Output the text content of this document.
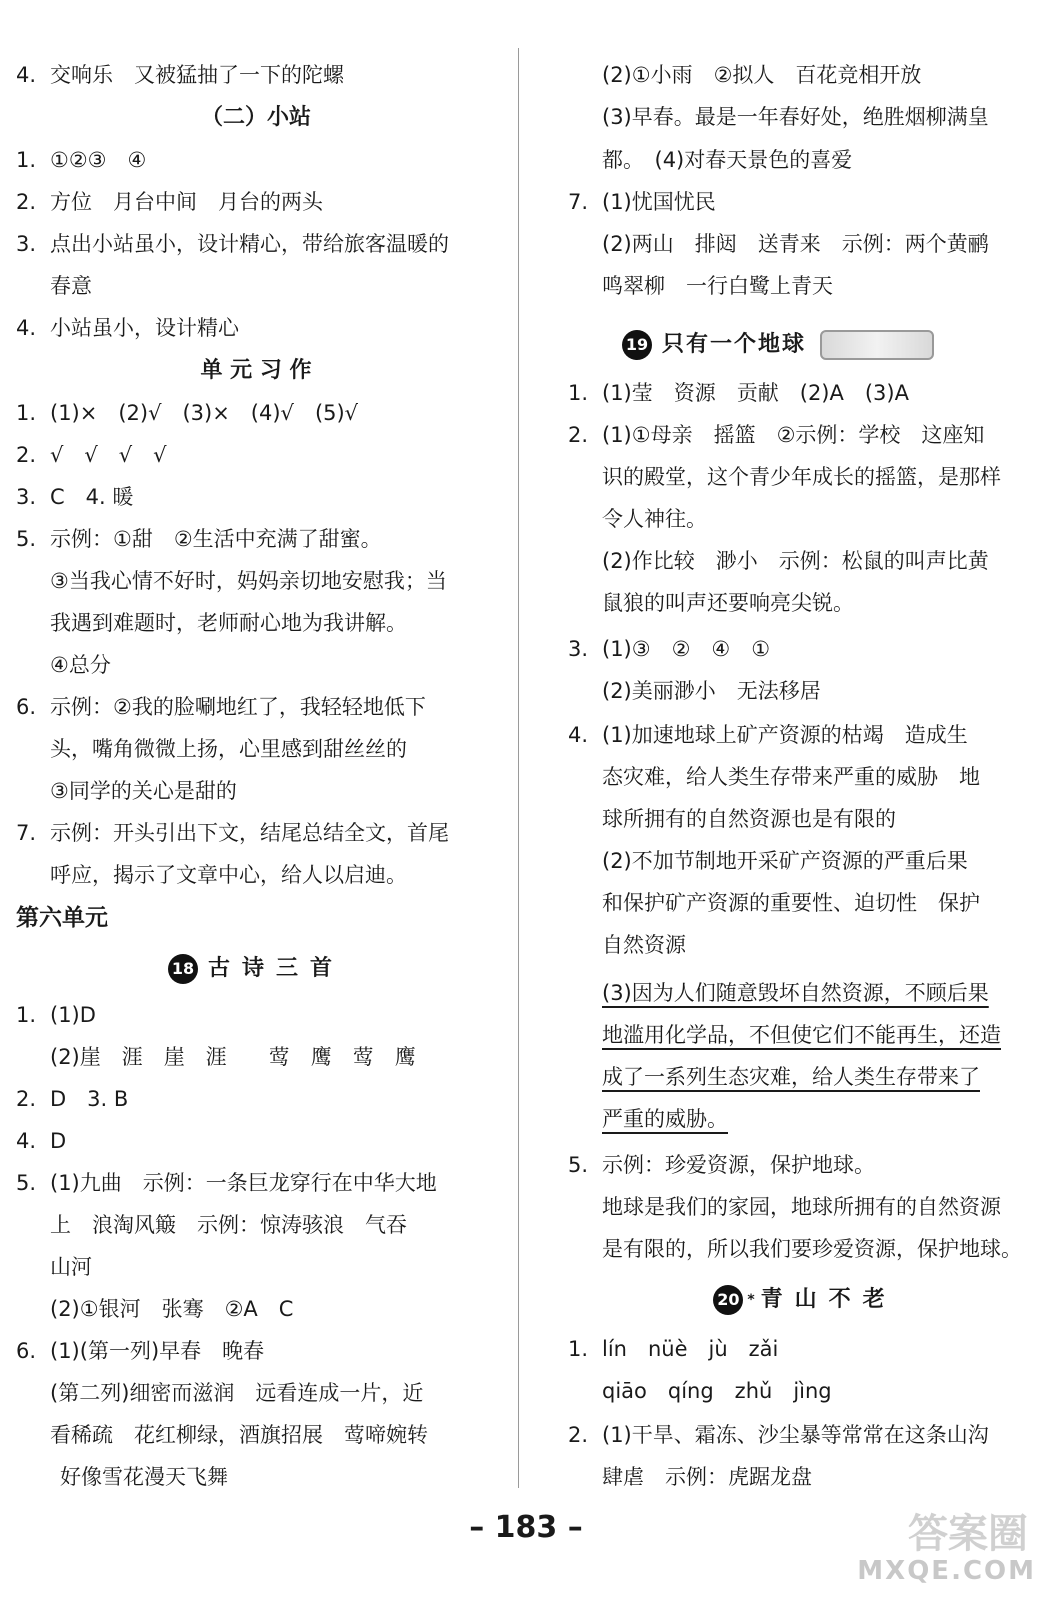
4. 交响乐　又被猛抽了一下的陀螺
（二）小站
1. ①②③　④
2. 方位　月台中间　月台的两头
3. 点出小站虽小，设计精心，带给旅客温暖的
春意
4. 小站虽小，设计精心
单 元 习 作
1. (1)×　(2)√　(3)×　(4)√　(5)√
2. √　√　√　√
3. C　4. 暖
5. 示例：①甜　②生活中充满了甜蜜。
③当我心情不好时，妈妈亲切地安慰我；当
我遇到难题时，老师耐心地为我讲解。
④总分
6. 示例：②我的脸唰地红了，我轻轻地低下
头，嘴角微微上扬，心里感到甜丝丝的
③同学的关心是甜的
7. 示例：开头引出下文，结尾总结全文，首尾
呼应，揭示了文章中心，给人以启迪。
第六单元
18 古诗三首
1. (1)D
(2)崖　涯　崖　涯　　莺　鹰　莺　鹰
2. D　3. B
4. D
5. (1)九曲　示例：一条巨龙穿行在中华大地
上　浪淘风簸　示例：惊涛骇浪　气吞
山河
(2)①银河　张骞　②A　C
6. (1)(第一列)早春　晚春
(第二列)细密而滋润　远看连成一片，近
看稀疏　花红柳绿，酒旗招展　莺啼婉转
好像雪花漫天飞舞
(2)①小雨　②拟人　百花竞相开放
(3)早春。最是一年春好处，绝胜烟柳满皇
都。　(4)对春天景色的喜爱
7. (1)忧国忧民
(2)两山　排闼　送青来　示例：两个黄鹂
鸣翠柳　一行白鹭上青天
19 只有一个地球
1. (1)莹　资源　贡献　(2)A　(3)A
2. (1)①母亲　摇篮　②示例：学校　这座知
识的殿堂，这个青少年成长的摇篮，是那样
令人神往。
(2)作比较　渺小　示例：松鼠的叫声比黄
鼠狼的叫声还要响亮尖锐。
3. (1)③　②　④　①
(2)美丽渺小　无法移居
4. (1)加速地球上矿产资源的枯竭　造成生
态灾难，给人类生存带来严重的威胁　地
球所拥有的自然资源也是有限的
(2)不加节制地开采矿产资源的严重后果
和保护矿产资源的重要性、迫切性　保护
自然资源
(3)因为人们随意毁坏自然资源，不顾后果
地滥用化学品，不但使它们不能再生，还造
成了一系列生态灾难，给人类生存带来了
严重的威胁。
5. 示例：珍爱资源，保护地球。
地球是我们的家园，地球所拥有的自然资源
是有限的，所以我们要珍爱资源，保护地球。
20 * 青山不老
1. lín　nüè　jù　zǎi
qiāo　qíng　zhǔ　jìng
2. (1)干旱、霜冻、沙尘暴等常常在这条山沟
肆虐　示例：虎踞龙盘
– 183 –	答案圈
MXQE.COM
